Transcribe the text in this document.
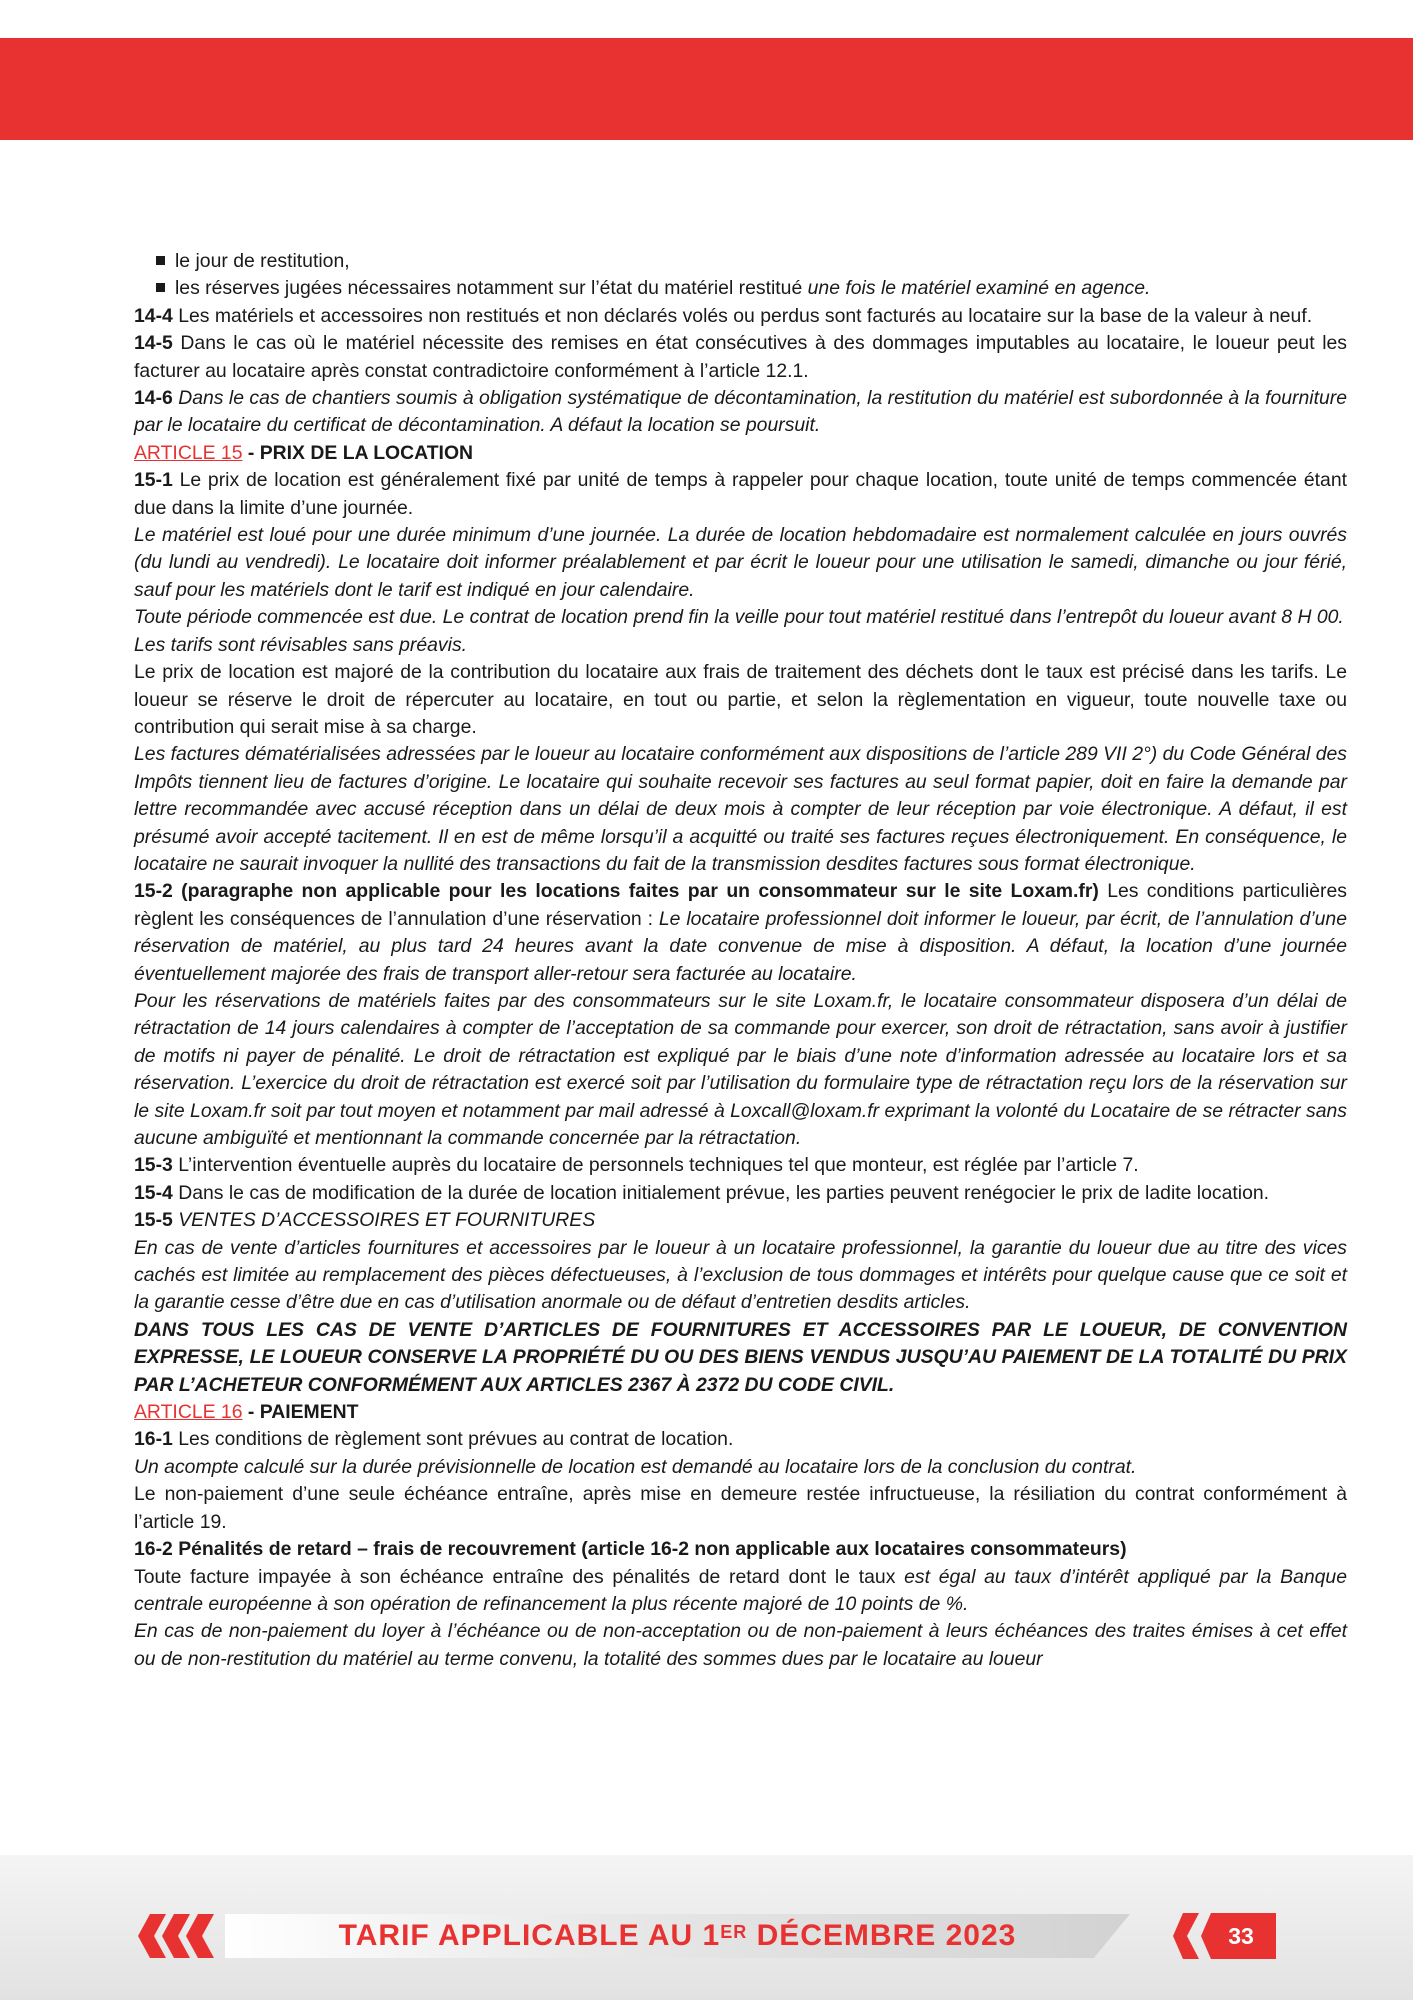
le jour de restitution,

les réserves jugées nécessaires notamment sur l’état du matériel restitué une fois le matériel examiné en agence.

14-4 Les matériels et accessoires non restitués et non déclarés volés ou perdus sont facturés au locataire sur la base de la valeur à neuf.

14-5 Dans le cas où le matériel nécessite des remises en état consécutives à des dommages imputables au locataire, le loueur peut les facturer au locataire après constat contradictoire conformément à l’article 12.1.

14-6 Dans le cas de chantiers soumis à obligation systématique de décontamination, la restitution du matériel est subordonnée à la fourniture par le locataire du certificat de décontamination. A défaut la location se poursuit.

ARTICLE 15 - PRIX DE LA LOCATION

15-1 Le prix de location est généralement fixé par unité de temps à rappeler pour chaque location, toute unité de temps commencée étant due dans la limite d’une journée.

Le matériel est loué pour une durée minimum d’une journée. La durée de location hebdomadaire est normalement calculée en jours ouvrés (du lundi au vendredi). Le locataire doit informer préalablement et par écrit le loueur pour une utilisation le samedi, dimanche ou jour férié, sauf pour les matériels dont le tarif est indiqué en jour calendaire.

Toute période commencée est due. Le contrat de location prend fin la veille pour tout matériel restitué dans l’entrepôt du loueur avant 8 H 00.

Les tarifs sont révisables sans préavis.

Le prix de location est majoré de la contribution du locataire aux frais de traitement des déchets dont le taux est précisé dans les tarifs. Le loueur se réserve le droit de répercuter au locataire, en tout ou partie, et selon la règlementation en vigueur, toute nouvelle taxe ou contribution qui serait mise à sa charge.

Les factures dématérialisées adressées par le loueur au locataire conformément aux dispositions de l’article 289 VII 2°) du Code Général des Impôts tiennent lieu de factures d’origine. Le locataire qui souhaite recevoir ses factures au seul format papier, doit en faire la demande par lettre recommandée avec accusé réception dans un délai de deux mois à compter de leur réception par voie électronique. A défaut, il est présumé avoir accepté tacitement. Il en est de même lorsqu’il a acquitté ou traité ses factures reçues électroniquement. En conséquence, le locataire ne saurait invoquer la nullité des transactions du fait de la transmission desdites factures sous format électronique.

15-2 (paragraphe non applicable pour les locations faites par un consommateur sur le site Loxam.fr) Les conditions particulières règlent les conséquences de l’annulation d’une réservation : Le locataire professionnel doit informer le loueur, par écrit, de l’annulation d’une réservation de matériel, au plus tard 24 heures avant la date convenue de mise à disposition. A défaut, la location d’une journée éventuellement majorée des frais de transport aller-retour sera facturée au locataire.

Pour les réservations de matériels faites par des consommateurs sur le site Loxam.fr, le locataire consommateur disposera d’un délai de rétractation de 14 jours calendaires à compter de l’acceptation de sa commande pour exercer, son droit de rétractation, sans avoir à justifier de motifs ni payer de pénalité. Le droit de rétractation est expliqué par le biais d’une note d’information adressée au locataire lors et sa réservation. L’exercice du droit de rétractation est exercé soit par l’utilisation du formulaire type de rétractation reçu lors de la réservation sur le site Loxam.fr soit par tout moyen et notamment par mail adressé à Loxcall@loxam.fr exprimant la volonté du Locataire de se rétracter sans aucune ambiguïté et mentionnant la commande concernée par la rétractation.

15-3 L’intervention éventuelle auprès du locataire de personnels techniques tel que monteur, est réglée par l’article 7.

15-4 Dans le cas de modification de la durée de location initialement prévue, les parties peuvent renégocier le prix de ladite location.

15-5 VENTES D’ACCESSOIRES ET FOURNITURES

En cas de vente d’articles fournitures et accessoires par le loueur à un locataire professionnel, la garantie du loueur due au titre des vices cachés est limitée au remplacement des pièces défectueuses, à l’exclusion de tous dommages et intérêts pour quelque cause que ce soit et la garantie cesse d’être due en cas d’utilisation anormale ou de défaut d’entretien desdits articles.

DANS TOUS LES CAS DE VENTE D’ARTICLES DE FOURNITURES ET ACCESSOIRES PAR LE LOUEUR, DE CONVENTION EXPRESSE, LE LOUEUR CONSERVE LA PROPRIÉTÉ DU OU DES BIENS VENDUS JUSQU’AU PAIEMENT DE LA TOTALITÉ DU PRIX PAR L’ACHETEUR CONFORMÉMENT AUX ARTICLES 2367 À 2372 DU CODE CIVIL.

ARTICLE 16 - PAIEMENT

16-1 Les conditions de règlement sont prévues au contrat de location.

Un acompte calculé sur la durée prévisionnelle de location est demandé au locataire lors de la conclusion du contrat.

Le non-paiement d’une seule échéance entraîne, après mise en demeure restée infructueuse, la résiliation du contrat conformément à l’article 19.

16-2 Pénalités de retard – frais de recouvrement (article 16-2 non applicable aux locataires consommateurs)

Toute facture impayée à son échéance entraîne des pénalités de retard dont le taux est égal au taux d’intérêt appliqué par la Banque centrale européenne à son opération de refinancement la plus récente majoré de 10 points de %.

En cas de non-paiement du loyer à l’échéance ou de non-acceptation ou de non-paiement à leurs échéances des traites émises à cet effet ou de non-restitution du matériel au terme convenu, la totalité des sommes dues par le locataire au loueur

TARIF APPLICABLE AU 1ER DÉCEMBRE 2023	33
